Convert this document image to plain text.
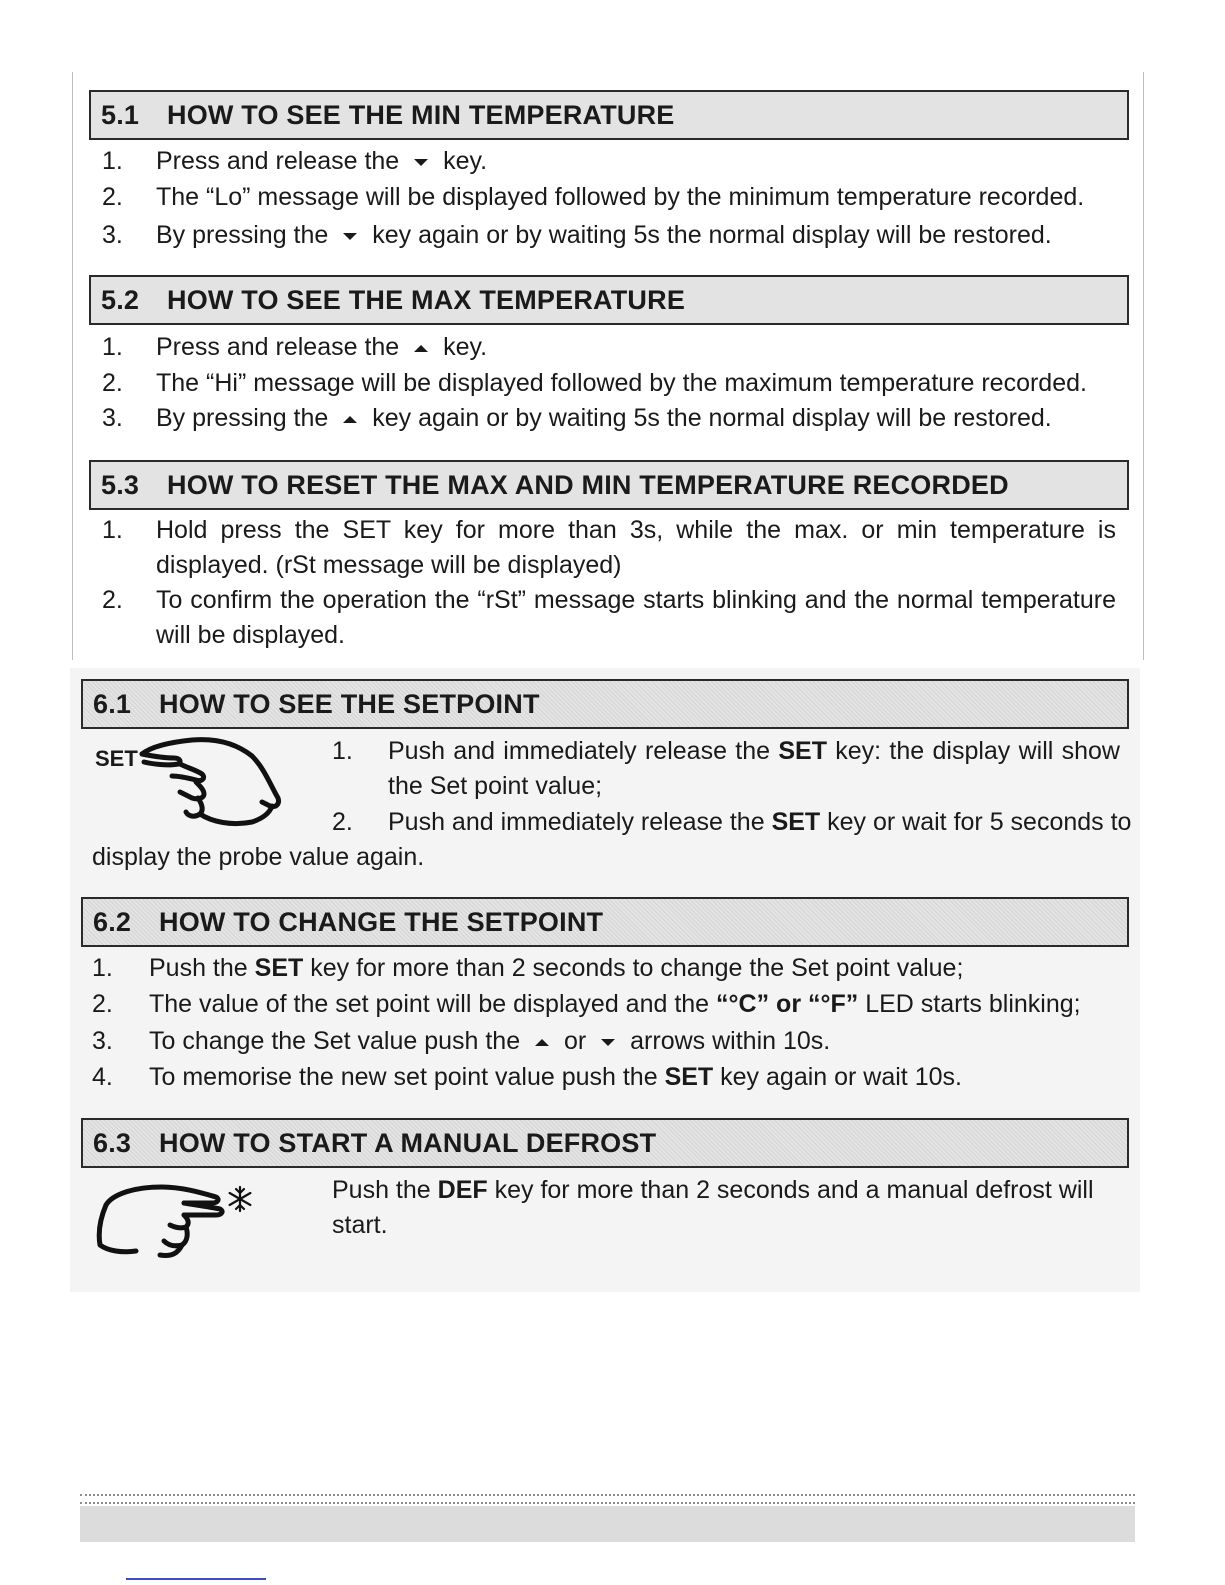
5.1	HOW TO SEE THE MIN TEMPERATURE
1. Press and release the key.
2. The “Lo” message will be displayed followed by the minimum temperature recorded.
3. By pressing the key again or by waiting 5s the normal display will be restored.
5.2	HOW TO SEE THE MAX TEMPERATURE
1. Press and release the key.
2. The “Hi” message will be displayed followed by the maximum temperature recorded.
3. By pressing the key again or by waiting 5s the normal display will be restored.
5.3	HOW TO RESET THE MAX AND MIN TEMPERATURE RECORDED
1. Hold press the SET key for more than 3s, while the max. or min temperature is
displayed. (rSt message will be displayed)
2. To confirm the operation the “rSt” message starts blinking and the normal temperature
will be displayed.
6.1	HOW TO SEE THE SETPOINT
SET	1. Push and immediately release the SET key: the display will show
the Set point value;
2. Push and immediately release the SET key or wait for 5 seconds to
display the probe value again.
6.2	HOW TO CHANGE THE SETPOINT
1. Push the SET key for more than 2 seconds to change the Set point value;
2. The value of the set point will be displayed and the “°C” or “°F” LED starts blinking;
3. To change the Set value push the or arrows within 10s.
4. To memorise the new set point value push the SET key again or wait 10s.
6.3	HOW TO START A MANUAL DEFROST
Push the DEF key for more than 2 seconds and a manual defrost will
start.
